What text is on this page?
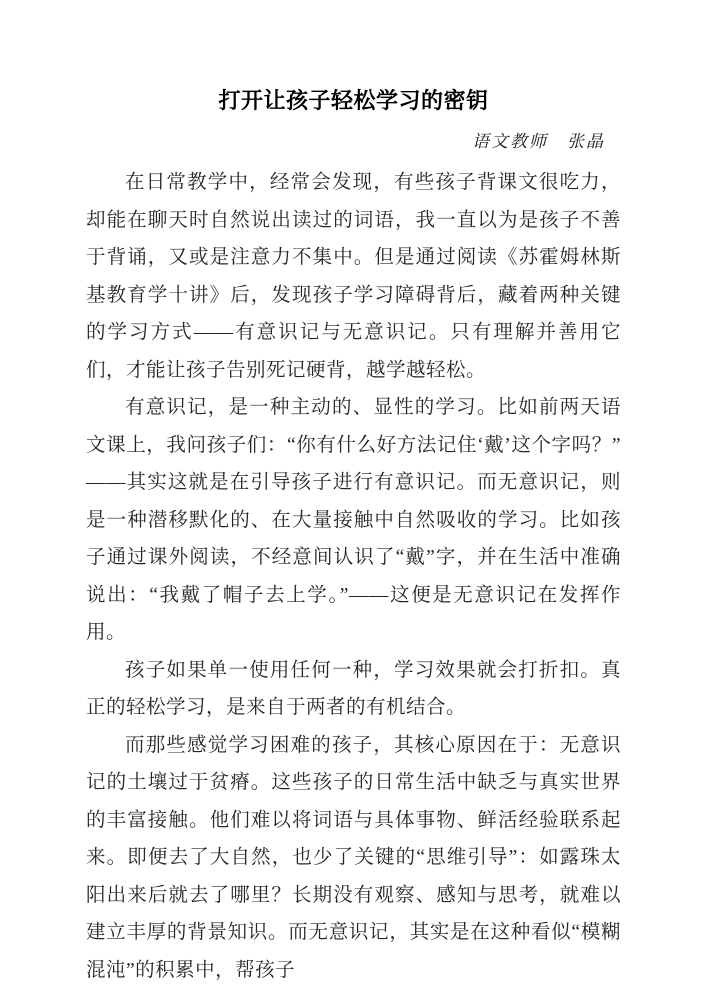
打开让孩子轻松学习的密钥
语文教师　张晶

在日常教学中，经常会发现，有些孩子背课文很吃力，却能在聊天时自然说出读过的词语，我一直以为是孩子不善于背诵，又或是注意力不集中。但是通过阅读《苏霍姆林斯基教育学十讲》后，发现孩子学习障碍背后，藏着两种关键的学习方式——有意识记与无意识记。只有理解并善用它们，才能让孩子告别死记硬背，越学越轻松。

有意识记，是一种主动的、显性的学习。比如前两天语文课上，我问孩子们：“你有什么好方法记住‘戴’这个字吗？”——其实这就是在引导孩子进行有意识记。而无意识记，则是一种潜移默化的、在大量接触中自然吸收的学习。比如孩子通过课外阅读，不经意间认识了“戴”字，并在生活中准确说出：“我戴了帽子去上学。”——这便是无意识记在发挥作用。

孩子如果单一使用任何一种，学习效果就会打折扣。真正的轻松学习，是来自于两者的有机结合。

而那些感觉学习困难的孩子，其核心原因在于：无意识记的土壤过于贫瘠。这些孩子的日常生活中缺乏与真实世界的丰富接触。他们难以将词语与具体事物、鲜活经验联系起来。即便去了大自然，也少了关键的“思维引导”：如露珠太阳出来后就去了哪里？长期没有观察、感知与思考，就难以建立丰厚的背景知识。而无意识记，其实是在这种看似“模糊混沌”的积累中，帮孩子
